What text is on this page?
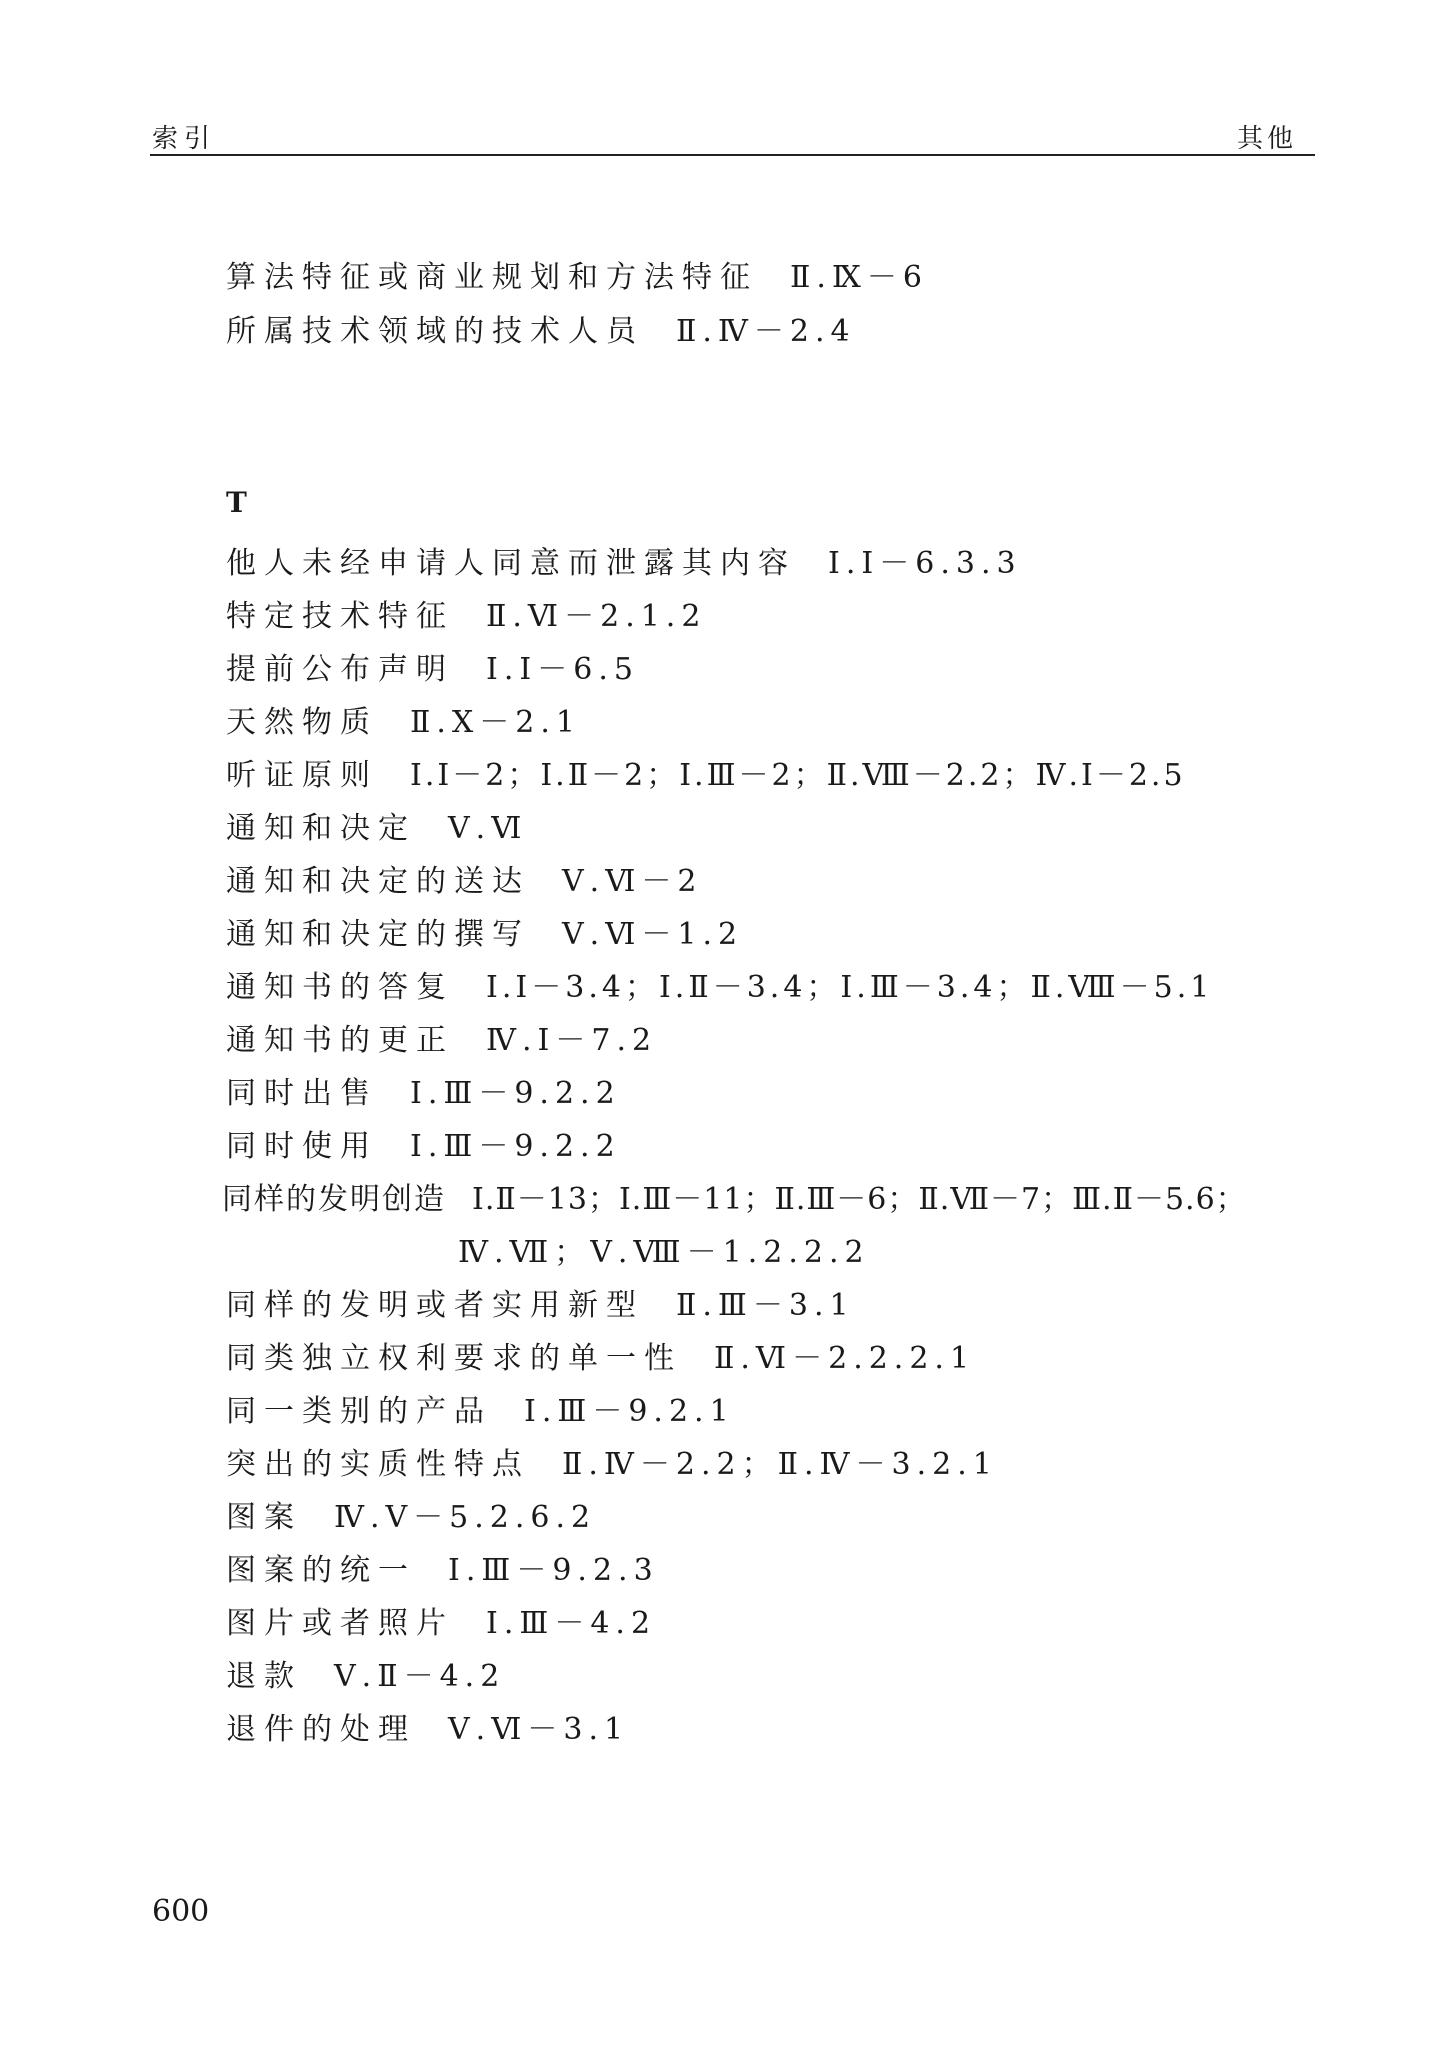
索引	其他
算法特征或商业规划和方法特征 Ⅱ.Ⅸ－6
所属技术领域的技术人员 Ⅱ.Ⅳ－2.4
T
他人未经申请人同意而泄露其内容 Ⅰ.Ⅰ－6.3.3
特定技术特征 Ⅱ.Ⅵ－2.1.2
提前公布声明 Ⅰ.Ⅰ－6.5
天然物质 Ⅱ.Ⅹ－2.1
听证原则 Ⅰ.Ⅰ－2；Ⅰ.Ⅱ－2；Ⅰ.Ⅲ－2；Ⅱ.Ⅷ－2.2；Ⅳ.Ⅰ－2.5
通知和决定 Ⅴ.Ⅵ
通知和决定的送达 Ⅴ.Ⅵ－2
通知和决定的撰写 Ⅴ.Ⅵ－1.2
通知书的答复 Ⅰ.Ⅰ－3.4；Ⅰ.Ⅱ－3.4；Ⅰ.Ⅲ－3.4；Ⅱ.Ⅷ－5.1
通知书的更正 Ⅳ.Ⅰ－7.2
同时出售 Ⅰ.Ⅲ－9.2.2
同时使用 Ⅰ.Ⅲ－9.2.2
同样的发明创造 Ⅰ.Ⅱ－13；Ⅰ.Ⅲ－11；Ⅱ.Ⅲ－6；Ⅱ.Ⅶ－7；Ⅲ.Ⅱ－5.6；
Ⅳ.Ⅶ；Ⅴ.Ⅷ－1.2.2.2
同样的发明或者实用新型 Ⅱ.Ⅲ－3.1
同类独立权利要求的单一性 Ⅱ.Ⅵ－2.2.2.1
同一类别的产品 Ⅰ.Ⅲ－9.2.1
突出的实质性特点 Ⅱ.Ⅳ－2.2；Ⅱ.Ⅳ－3.2.1
图案 Ⅳ.Ⅴ－5.2.6.2
图案的统一 Ⅰ.Ⅲ－9.2.3
图片或者照片 Ⅰ.Ⅲ－4.2
退款 Ⅴ.Ⅱ－4.2
退件的处理 Ⅴ.Ⅵ－3.1
600
